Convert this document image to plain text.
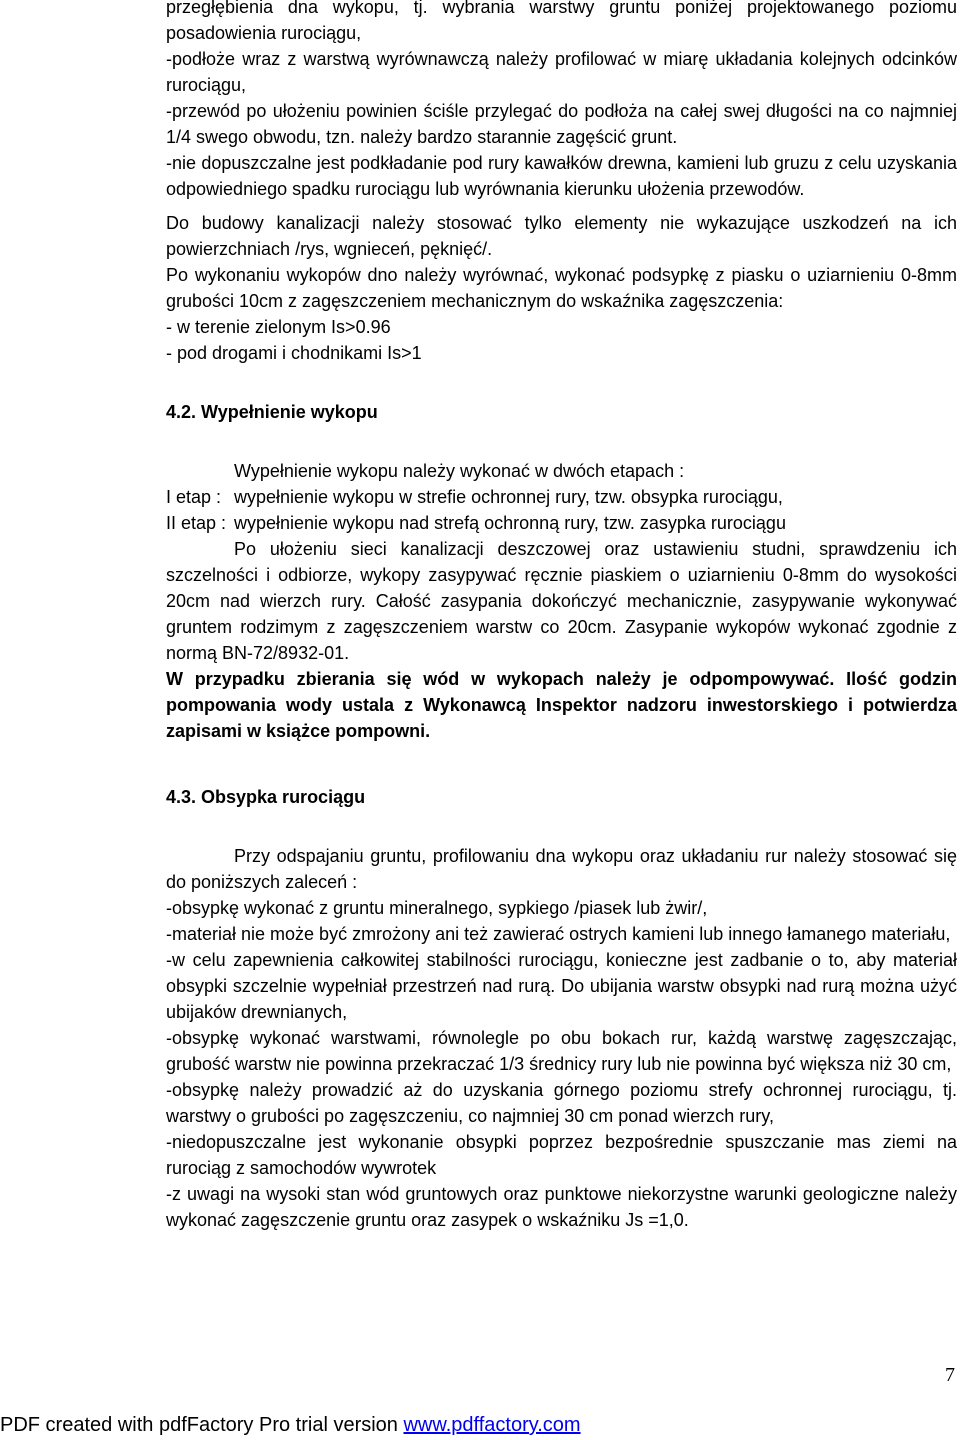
przegłębienia dna wykopu, tj. wybrania warstwy gruntu poniżej projektowanego poziomu posadowienia rurociągu,

-podłoże wraz z warstwą wyrównawczą należy profilować w miarę układania kolejnych odcinków rurociągu,

-przewód po ułożeniu powinien ściśle przylegać do podłoża na całej swej długości na co najmniej 1/4 swego obwodu, tzn. należy bardzo starannie zagęścić grunt.

-nie dopuszczalne jest podkładanie pod rury kawałków drewna, kamieni lub gruzu z celu uzyskania odpowiedniego spadku rurociągu lub wyrównania kierunku ułożenia przewodów.

Do budowy kanalizacji należy stosować tylko elementy nie wykazujące uszkodzeń na ich powierzchniach /rys, wgnieceń, pęknięć/.

Po wykonaniu wykopów dno należy wyrównać, wykonać podsypkę z piasku o uziarnieniu 0-8mm grubości 10cm z zagęszczeniem mechanicznym do wskaźnika zagęszczenia:

- w terenie zielonym Is>0.96

- pod drogami i chodnikami Is>1

4.2. Wypełnienie wykopu

Wypełnienie wykopu należy wykonać w dwóch etapach :

I etap : wypełnienie wykopu w strefie ochronnej rury, tzw. obsypka rurociągu,
II etap : wypełnienie wykopu nad strefą ochronną rury, tzw. zasypka rurociągu

Po ułożeniu sieci kanalizacji deszczowej oraz ustawieniu studni, sprawdzeniu ich szczelności i odbiorze, wykopy zasypywać ręcznie piaskiem o uziarnieniu 0-8mm do wysokości 20cm nad wierzch rury. Całość zasypania dokończyć mechanicznie, zasypywanie wykonywać gruntem rodzimym z zagęszczeniem warstw co 20cm. Zasypanie wykopów wykonać zgodnie z normą BN-72/8932-01.

W przypadku zbierania się wód w wykopach należy je odpompowywać. Ilość godzin pompowania wody ustala z Wykonawcą Inspektor nadzoru inwestorskiego i potwierdza zapisami w książce pompowni.

4.3. Obsypka rurociągu

Przy odspajaniu gruntu, profilowaniu dna wykopu oraz układaniu rur należy stosować się do poniższych zaleceń :

-obsypkę wykonać z gruntu mineralnego, sypkiego /piasek lub żwir/,

-materiał nie może być zmrożony ani też zawierać ostrych kamieni lub innego łamanego materiału,

-w celu zapewnienia całkowitej stabilności rurociągu, konieczne jest zadbanie o to, aby materiał obsypki szczelnie wypełniał przestrzeń nad rurą. Do ubijania warstw obsypki nad rurą można użyć ubijaków drewnianych,

-obsypkę wykonać warstwami, równolegle po obu bokach rur, każdą warstwę zagęszczając, grubość warstw nie powinna przekraczać 1/3 średnicy rury lub nie powinna być większa niż 30 cm,

-obsypkę należy prowadzić aż do uzyskania górnego poziomu strefy ochronnej rurociągu, tj. warstwy o grubości po zagęszczeniu, co najmniej 30 cm ponad wierzch rury,

-niedopuszczalne jest wykonanie obsypki poprzez bezpośrednie spuszczanie mas ziemi na rurociąg z samochodów wywrotek

-z uwagi na wysoki stan wód gruntowych oraz punktowe niekorzystne warunki geologiczne należy wykonać zagęszczenie gruntu oraz zasypek o wskaźniku Js =1,0.

7
PDF created with pdfFactory Pro trial version www.pdffactory.com
